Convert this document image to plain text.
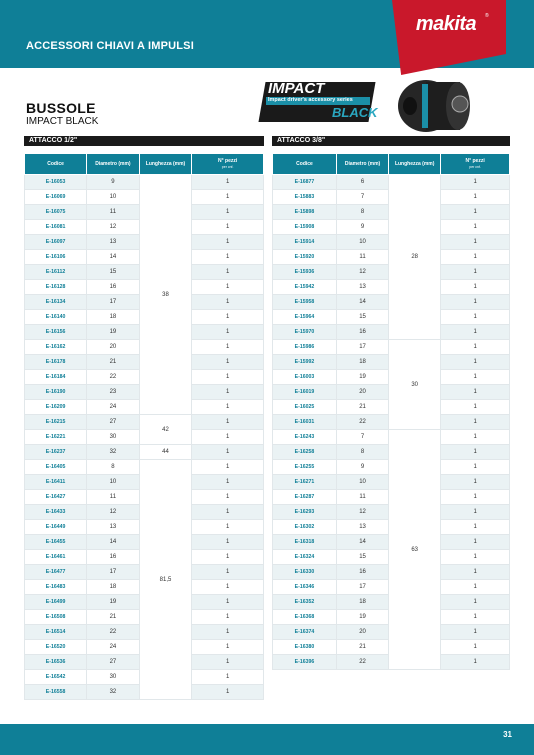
ACCESSORI CHIAVI A IMPULSI
makita	®
BUSSOLE
IMPACT BLACK
IMPACT
Impact driver's accessory series
BLACK
ATTACCO 1/2"	ATTACCO 3/8"
Codice	Diametro (mm)	Lunghezza (mm)	N° pezzi
per cnf.

E-16053	9	38	1
E-16069	10		1
E-16075	11		1
E-16081	12		1
E-16097	13		1
E-16106	14		1
E-16112	15		1
E-16128	16		1
E-16134	17		1
E-16140	18		1
E-16156	19		1
E-16162	20		1
E-16178	21		1
E-16184	22		1
E-16190	23		1
E-16209	24		1
E-16215	27	42	1
E-16221	30		1
E-16237	32	44	1
E-16405	8	81,5	1
E-16411	10		1
E-16427	11		1
E-16433	12		1
E-16449	13		1
E-16455	14		1
E-16461	16		1
E-16477	17		1
E-16483	18		1
E-16499	19		1
E-16508	21		1
E-16514	22		1
E-16520	24		1
E-16536	27		1
E-16542	30		1
E-16558	32		1
Codice	Diametro (mm)	Lunghezza (mm)	N° pezzi
per cnf.

E-16877	6	28	1
E-15883	7		1
E-15898	8		1
E-15908	9		1
E-15914	10		1
E-15920	11		1
E-15936	12		1
E-15942	13		1
E-15958	14		1
E-15964	15		1
E-15970	16		1
E-15986	17	30	1
E-15992	18		1
E-16003	19		1
E-16019	20		1
E-16025	21		1
E-16031	22		1
E-16243	7	63	1
E-16258	8		1
E-16255	9		1
E-16271	10		1
E-16287	11		1
E-16293	12		1
E-16302	13		1
E-16318	14		1
E-16324	15		1
E-16330	16		1
E-16346	17		1
E-16352	18		1
E-16368	19		1
E-16374	20		1
E-16380	21		1
E-16396	22		1
31
